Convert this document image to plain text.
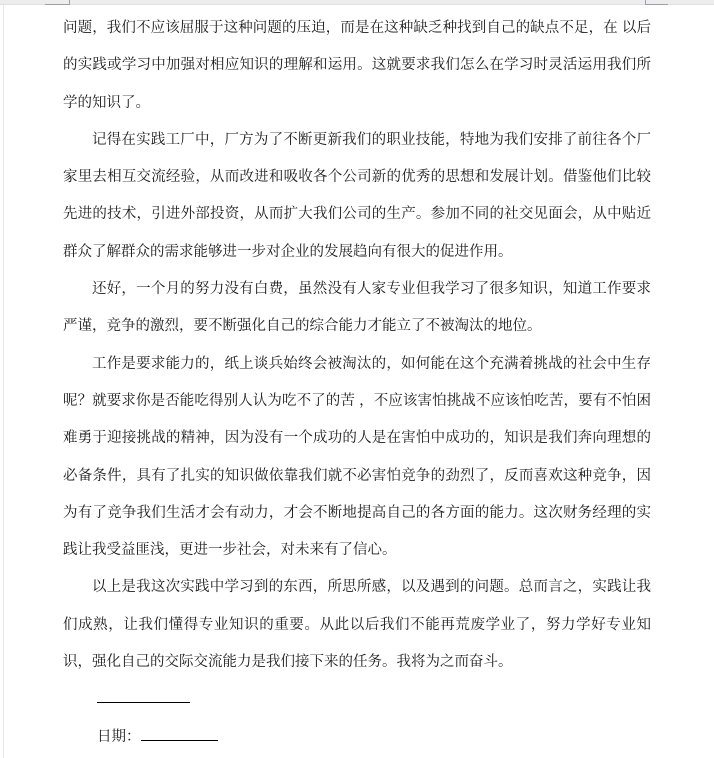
问题，我们不应该屈服于这种问题的压迫，而是在这种缺乏种找到自己的缺点不足，在 以后的实践或学习中加强对相应知识的理解和运用。这就要求我们怎么在学习时灵活运用我们所学的知识了。

记得在实践工厂中，厂方为了不断更新我们的职业技能，特地为我们安排了前往各个厂家里去相互交流经验，从而改进和吸收各个公司新的优秀的思想和发展计划。借鉴他们比较先进的技术，引进外部投资，从而扩大我们公司的生产。参加不同的社交见面会，从中贴近群众了解群众的需求能够进一步对企业的发展趋向有很大的促进作用。

还好，一个月的努力没有白费，虽然没有人家专业但我学习了很多知识，知道工作要求严谨，竞争的激烈，要不断强化自己的综合能力才能立了不被淘汰的地位。

工作是要求能力的，纸上谈兵始终会被淘汰的，如何能在这个充满着挑战的社会中生存呢？就要求你是否能吃得别人认为吃不了的苦 ，不应该害怕挑战不应该怕吃苦，要有不怕困难勇于迎接挑战的精神，因为没有一个成功的人是在害怕中成功的，知识是我们奔向理想的必备条件，具有了扎实的知识做依靠我们就不必害怕竞争的劲烈了，反而喜欢这种竞争，因为有了竞争我们生活才会有动力，才会不断地提高自己的各方面的能力。这次财务经理的实践让我受益匪浅，更进一步社会，对未来有了信心。

以上是我这次实践中学习到的东西，所思所感，以及遇到的问题。总而言之，实践让我们成熟，让我们懂得专业知识的重要。从此以后我们不能再荒废学业了，努力学好专业知识，强化自己的交际交流能力是我们接下来的任务。我将为之而奋斗。

日期：
